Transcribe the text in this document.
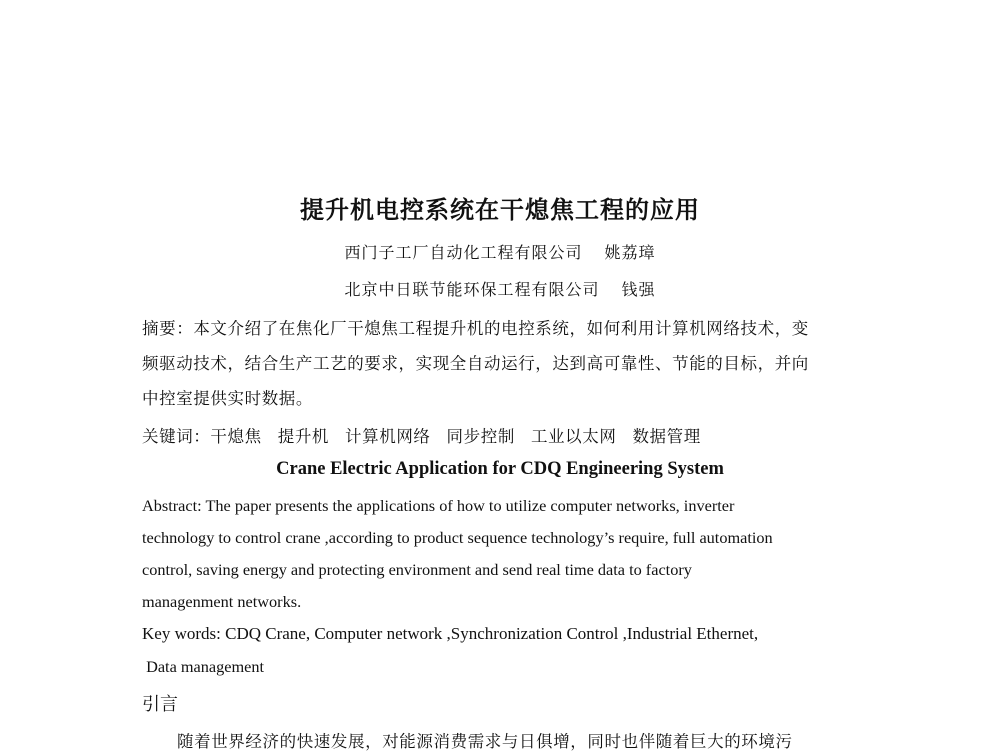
提升机电控系统在干熄焦工程的应用
西门子工厂自动化工程有限公司 姚荔璋
北京中日联节能环保工程有限公司 钱强
摘要：本文介绍了在焦化厂干熄焦工程提升机的电控系统，如何利用计算机网络技术，变
频驱动技术，结合生产工艺的要求，实现全自动运行，达到高可靠性、节能的目标，并向
中控室提供实时数据。
关键词：干熄焦 提升机 计算机网络 同步控制 工业以太网 数据管理
Crane Electric Application for CDQ Engineering System
Abstract: The paper presents the applications of how to utilize computer networks, inverter
technology to control crane ,according to product sequence technology’s require, full automation
control, saving energy and protecting environment and send real time data to factory
managenment networks.
Key words: CDQ Crane, Computer network ,Synchronization Control ,Industrial Ethernet,
Data management
引言
随着世界经济的快速发展，对能源消费需求与日俱增，同时也伴随着巨大的环境污
